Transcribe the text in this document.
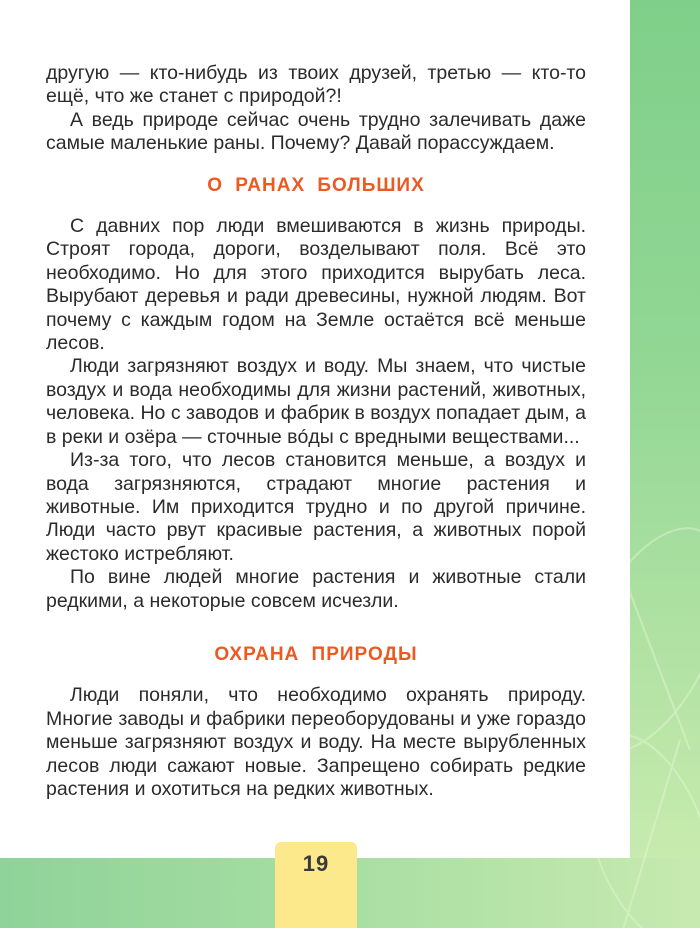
другую — кто-нибудь из твоих друзей, третью — кто-то ещё, что же станет с природой?!

А ведь природе сейчас очень трудно залечивать даже самые маленькие раны. Почему? Давай порассуждаем.

О РАНАХ БОЛЬШИХ

С давних пор люди вмешиваются в жизнь природы. Строят города, дороги, возделывают поля. Всё это необходимо. Но для этого приходится вырубать леса. Вырубают деревья и ради древесины, нужной людям. Вот почему с каждым годом на Земле остаётся всё меньше лесов.

Люди загрязняют воздух и воду. Мы знаем, что чистые воздух и вода необходимы для жизни растений, животных, человека. Но с заводов и фабрик в воздух попадает дым, а в реки и озёра — сточные вóды с вредными веществами...

Из-за того, что лесов становится меньше, а воздух и вода загрязняются, страдают многие растения и животные. Им приходится трудно и по другой причине. Люди часто рвут красивые растения, а животных порой жестоко истребляют.

По вине людей многие растения и животные стали редкими, а некоторые совсем исчезли.

ОХРАНА ПРИРОДЫ

Люди поняли, что необходимо охранять природу. Многие заводы и фабрики переоборудованы и уже гораздо меньше загрязняют воздух и воду. На месте вырубленных лесов люди сажают новые. Запрещено собирать редкие растения и охотиться на редких животных.

19
